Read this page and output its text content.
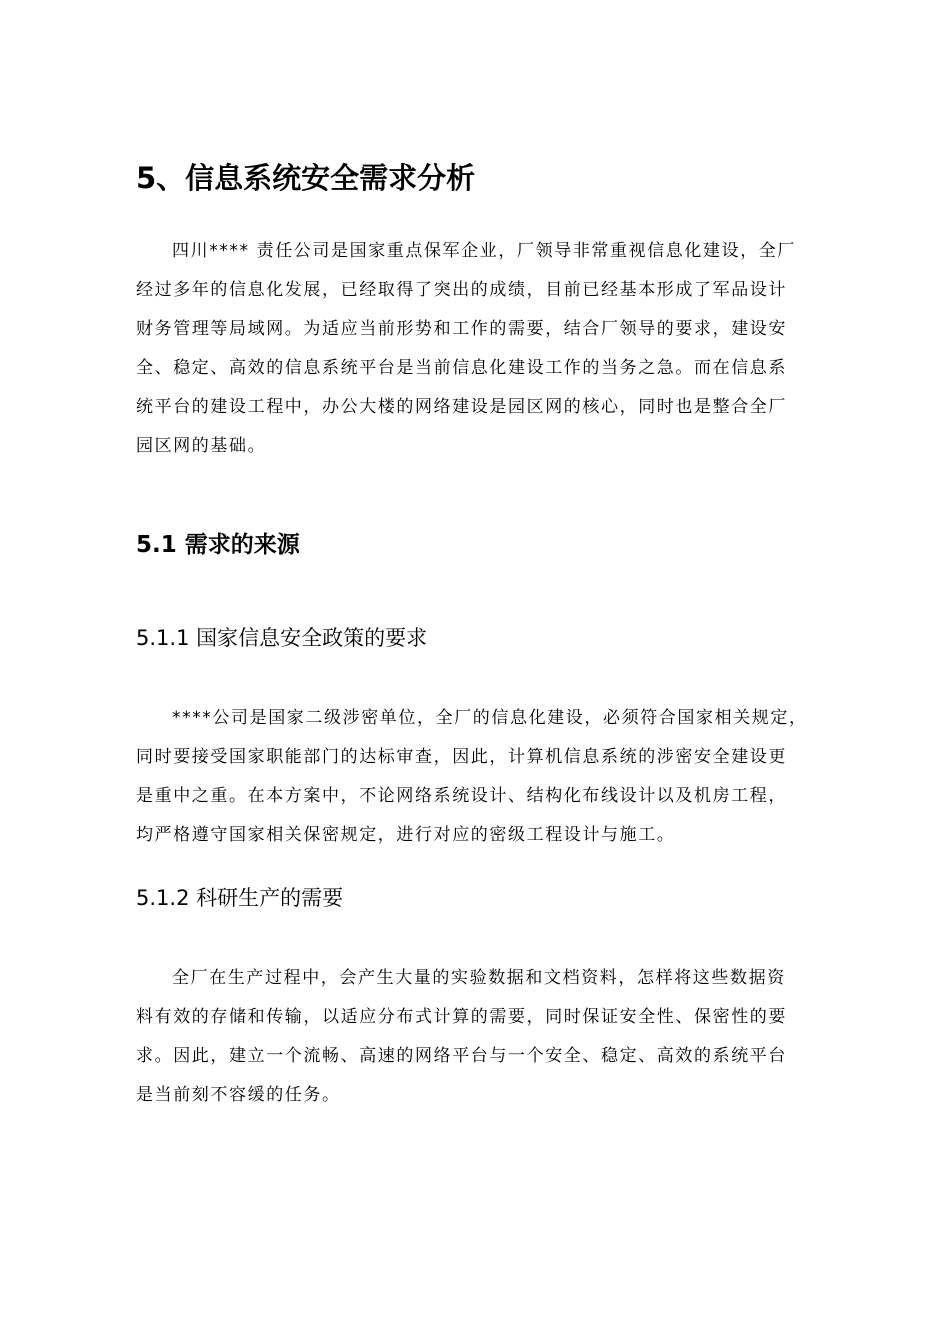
5、信息系统安全需求分析
四川**** 责任公司是国家重点保军企业，厂领导非常重视信息化建设，全厂
经过多年的信息化发展，已经取得了突出的成绩，目前已经基本形成了军品设计
财务管理等局域网。为适应当前形势和工作的需要，结合厂领导的要求，建设安
全、稳定、高效的信息系统平台是当前信息化建设工作的当务之急。而在信息系
统平台的建设工程中，办公大楼的网络建设是园区网的核心，同时也是整合全厂
园区网的基础。
5.1 需求的来源
5.1.1 国家信息安全政策的要求
****公司是国家二级涉密单位，全厂的信息化建设，必须符合国家相关规定，
同时要接受国家职能部门的达标审查，因此，计算机信息系统的涉密安全建设更
是重中之重。在本方案中，不论网络系统设计、结构化布线设计以及机房工程，
均严格遵守国家相关保密规定，进行对应的密级工程设计与施工。
5.1.2 科研生产的需要
全厂在生产过程中，会产生大量的实验数据和文档资料，怎样将这些数据资
料有效的存储和传输，以适应分布式计算的需要，同时保证安全性、保密性的要
求。因此，建立一个流畅、高速的网络平台与一个安全、稳定、高效的系统平台
是当前刻不容缓的任务。
